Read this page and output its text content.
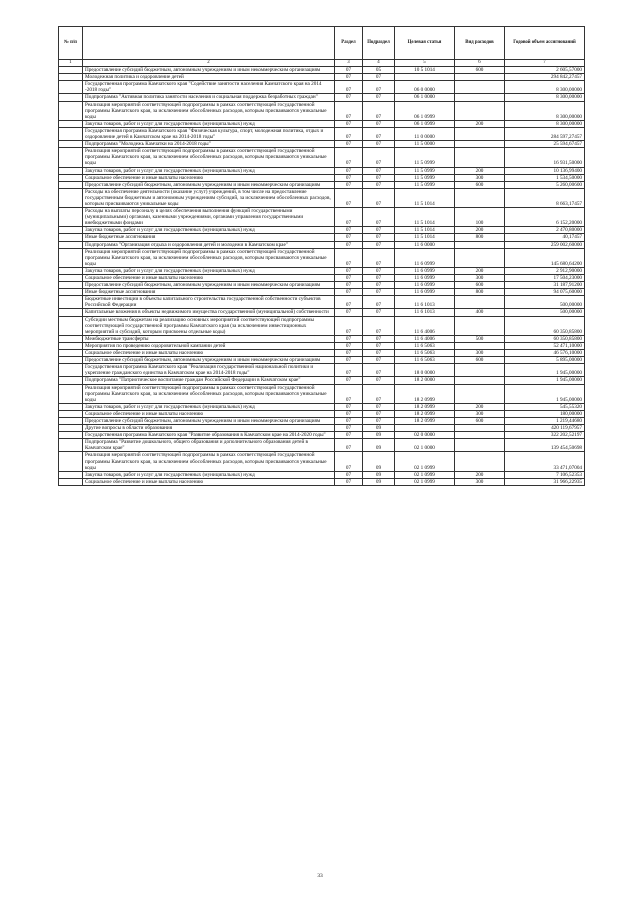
№ п/п		Раздел	Подраздел	Целевая статья	Вид расходов	Годовой объем ассигнований
1	2	3	4	5	6	7
	Предоставление субсидий бюджетным, автономным учреждениям и иным некоммерческим организациям	07	05	10 5 1014	600	2 605,57000
	Молодежная политика и оздоровление детей	07	07			294 842,27457
	Государственная программа Камчатского края "Содействие занятости населения Камчатского края на 2014 -2018 годы"	07	07	06 0 0000		8 300,00000
	Подпрограмма "Активная политика занятости населения и социальная поддержка безработных граждан"	07	07	06 1 0000		8 300,00000
	Реализация мероприятий соответствующей подпрограммы в рамках соответствующей государственной программы Камчатского края, за исключением обособленных расходов, которым присваиваются уникальные коды	07	07	06 1 0999		8 300,00000
	Закупка товаров, работ и услуг для государственных (муниципальных) нужд	07	07	06 1 0999	200	8 300,00000
	Государственная программа Камчатского края "Физическая культура, спорт, молодежная политика, отдых и оздоровление детей в Камчатском крае на 2014-2018 годы"	07	07	11 0 0000		284 597,27457
	Подпрограмма "Молодежь Камчатки на 2014-2018 годы"	07	07	11 5 0000		25 594,67457
	Реализация мероприятий соответствующей подпрограммы в рамках соответствующей государственной программы Камчатского края, за исключением обособленных расходов, которым присваиваются уникальные коды	07	07	11 5 0999		16 931,50000
	Закупка товаров, работ и услуг для государственных (муниципальных) нужд	07	07	11 5 0999	200	10 136,99400
	Социальное обеспечение и иные выплаты населению	07	07	11 5 0999	300	1 534,50000
	Предоставление субсидий бюджетным, автономным учреждениям и иным некоммерческим организациям	07	07	11 5 0999	600	5 260,00600
	Расходы на обеспечение деятельности (оказание услуг) учреждений, в том числе на предоставление государственным бюджетным и автономным учреждениям субсидий, за исключением обособленных расходов, которым присваиваются уникальные коды	07	07	11 5 1014		8 663,17457
	Расходы на выплаты персоналу в целях обеспечения выполнения функций государственными (муниципальными) органами, казенными учреждениями, органами управления государственными внебюджетными фондами	07	07	11 5 1014	100	6 152,20000
	Закупка товаров, работ и услуг для государственных (муниципальных) нужд	07	07	11 5 1014	200	2 470,80000
	Иные бюджетные ассигнования	07	07	11 5 1014	800	40,17457
	Подпрограмма "Организация отдыха и оздоровления детей и молодежи в Камчатском крае"	07	07	11 6 0000		259 002,60000
	Реализация мероприятий соответствующей подпрограммы в рамках соответствующей государственной программы Камчатского края, за исключением обособленных расходов, которым присваиваются уникальные коды	07	07	11 6 0999		145 680,64200
	Закупка товаров, работ и услуг для государственных (муниципальных) нужд	07	07	11 6 0999	200	2 912,90000
	Социальное обеспечение и иные выплаты населению	07	07	11 6 0999	300	17 504,23000
	Предоставление субсидий бюджетным, автономным учреждениям и иным некоммерческим организациям	07	07	11 6 0999	600	31 187,91200
	Иные бюджетные ассигнования	07	07	11 6 0999	800	94 075,60000
	Бюджетные инвестиции в объекты капитального строительства государственной собственности субъектов Российской Федерации	07	07	11 6 1013		500,00000
	Капитальные вложения в объекты недвижимого имущества государственной (муниципальной) собственности	07	07	11 6 1013	400	500,00000
	Субсидии местным бюджетам на реализацию основных мероприятий соответствующей подпрограммы соответствующей государственной программы Камчатского края (за исключением инвестиционных мероприятий и субсидий, которым присвоены отдельные коды)	07	07	11 6 4006		60 350,85800
	Межбюджетные трансферты	07	07	11 6 4006	500	60 350,85800
	Мероприятия по проведению оздоровительной кампании детей	07	07	11 6 5063		52 471,10000
	Социальное обеспечение и иные выплаты населению	07	07	11 6 5063	300	46 576,10000
	Предоставление субсидий бюджетным, автономным учреждениям и иным некоммерческим организациям	07	07	11 6 5063	600	5 895,00000
	Государственная программа Камчатского края "Реализация государственной национальной политики и укрепление гражданского единства в Камчатском крае на 2014-2018 годы"	07	07	18 0 0000		1 945,00000
	Подпрограмма "Патриотическое воспитание граждан Российской Федерации в Камчатском крае"	07	07	18 2 0000		1 945,00000
	Реализация мероприятий соответствующей подпрограммы в рамках соответствующей государственной программы Камчатского края, за исключением обособленных расходов, которым присваиваются уникальные коды	07	07	18 2 0999		1 945,00000
	Закупка товаров, работ и услуг для государственных (муниципальных) нужд	07	07	18 2 0999	200	545,55320
	Социальное обеспечение и иные выплаты населению	07	07	18 2 0999	300	180,00000
	Предоставление субсидий бюджетным, автономным учреждениям и иным некоммерческим организациям	07	07	18 2 0999	600	1 219,44680
	Другие вопросы в области образования	07	09			420 119,67957
	Государственная программа Камчатского края "Развитие образования в Камчатском крае на 2014-2020 годы"	07	09	02 0 0000		322 202,52197
	Подпрограмма "Развитие дошкольного, общего образования и дополнительного образования детей в Камчатском крае"	07	09	02 1 0000		139 454,50698
	Реализация мероприятий соответствующей подпрограммы в рамках соответствующей государственной программы Камчатского края, за исключением обособленных расходов, которым присваиваются уникальные коды	07	09	02 1 0999		33 471,07004
	Закупка товаров, работ и услуг для государственных (муниципальных) нужд	07	09	02 1 0999	200	7 106,52353
	Социальное обеспечение и иные выплаты населению	07	09	02 1 0999	300	31 966,22935
33
